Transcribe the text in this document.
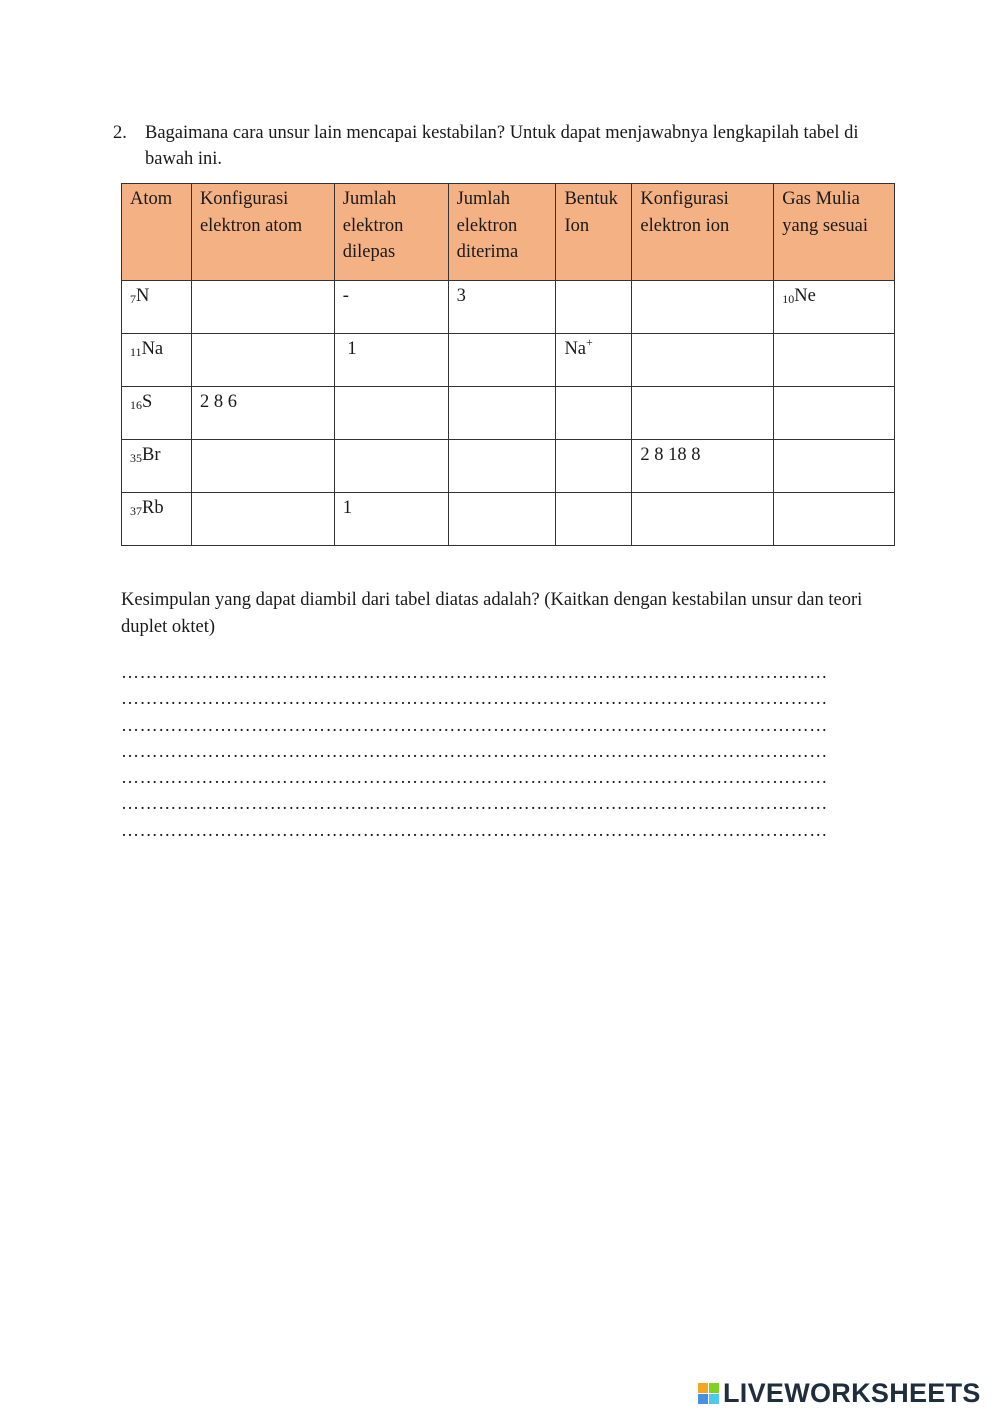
2. Bagaimana cara unsur lain mencapai kestabilan? Untuk dapat menjawabnya lengkapilah tabel di bawah ini.
Atom	Konfigurasi elektron atom	Jumlah elektron dilepas	Jumlah elektron diterima	Bentuk Ion	Konfigurasi elektron ion	Gas Mulia yang sesuai
$_7$N		-	3			$_{10}$Ne
$_{11}$Na		1		Na+		
$_{16}$S	2 8 6					
$_{35}$Br					2 8 18 8	
$_{37}$Rb		1				
Kesimpulan yang dapat diambil dari tabel diatas adalah? (Kaitkan dengan kestabilan unsur dan teori duplet oktet)
……………………………………………………………………………………………………
……………………………………………………………………………………………………
……………………………………………………………………………………………………
……………………………………………………………………………………………………
……………………………………………………………………………………………………
……………………………………………………………………………………………………
……………………………………………………………………………………………………
LIVEWORKSHEETS
